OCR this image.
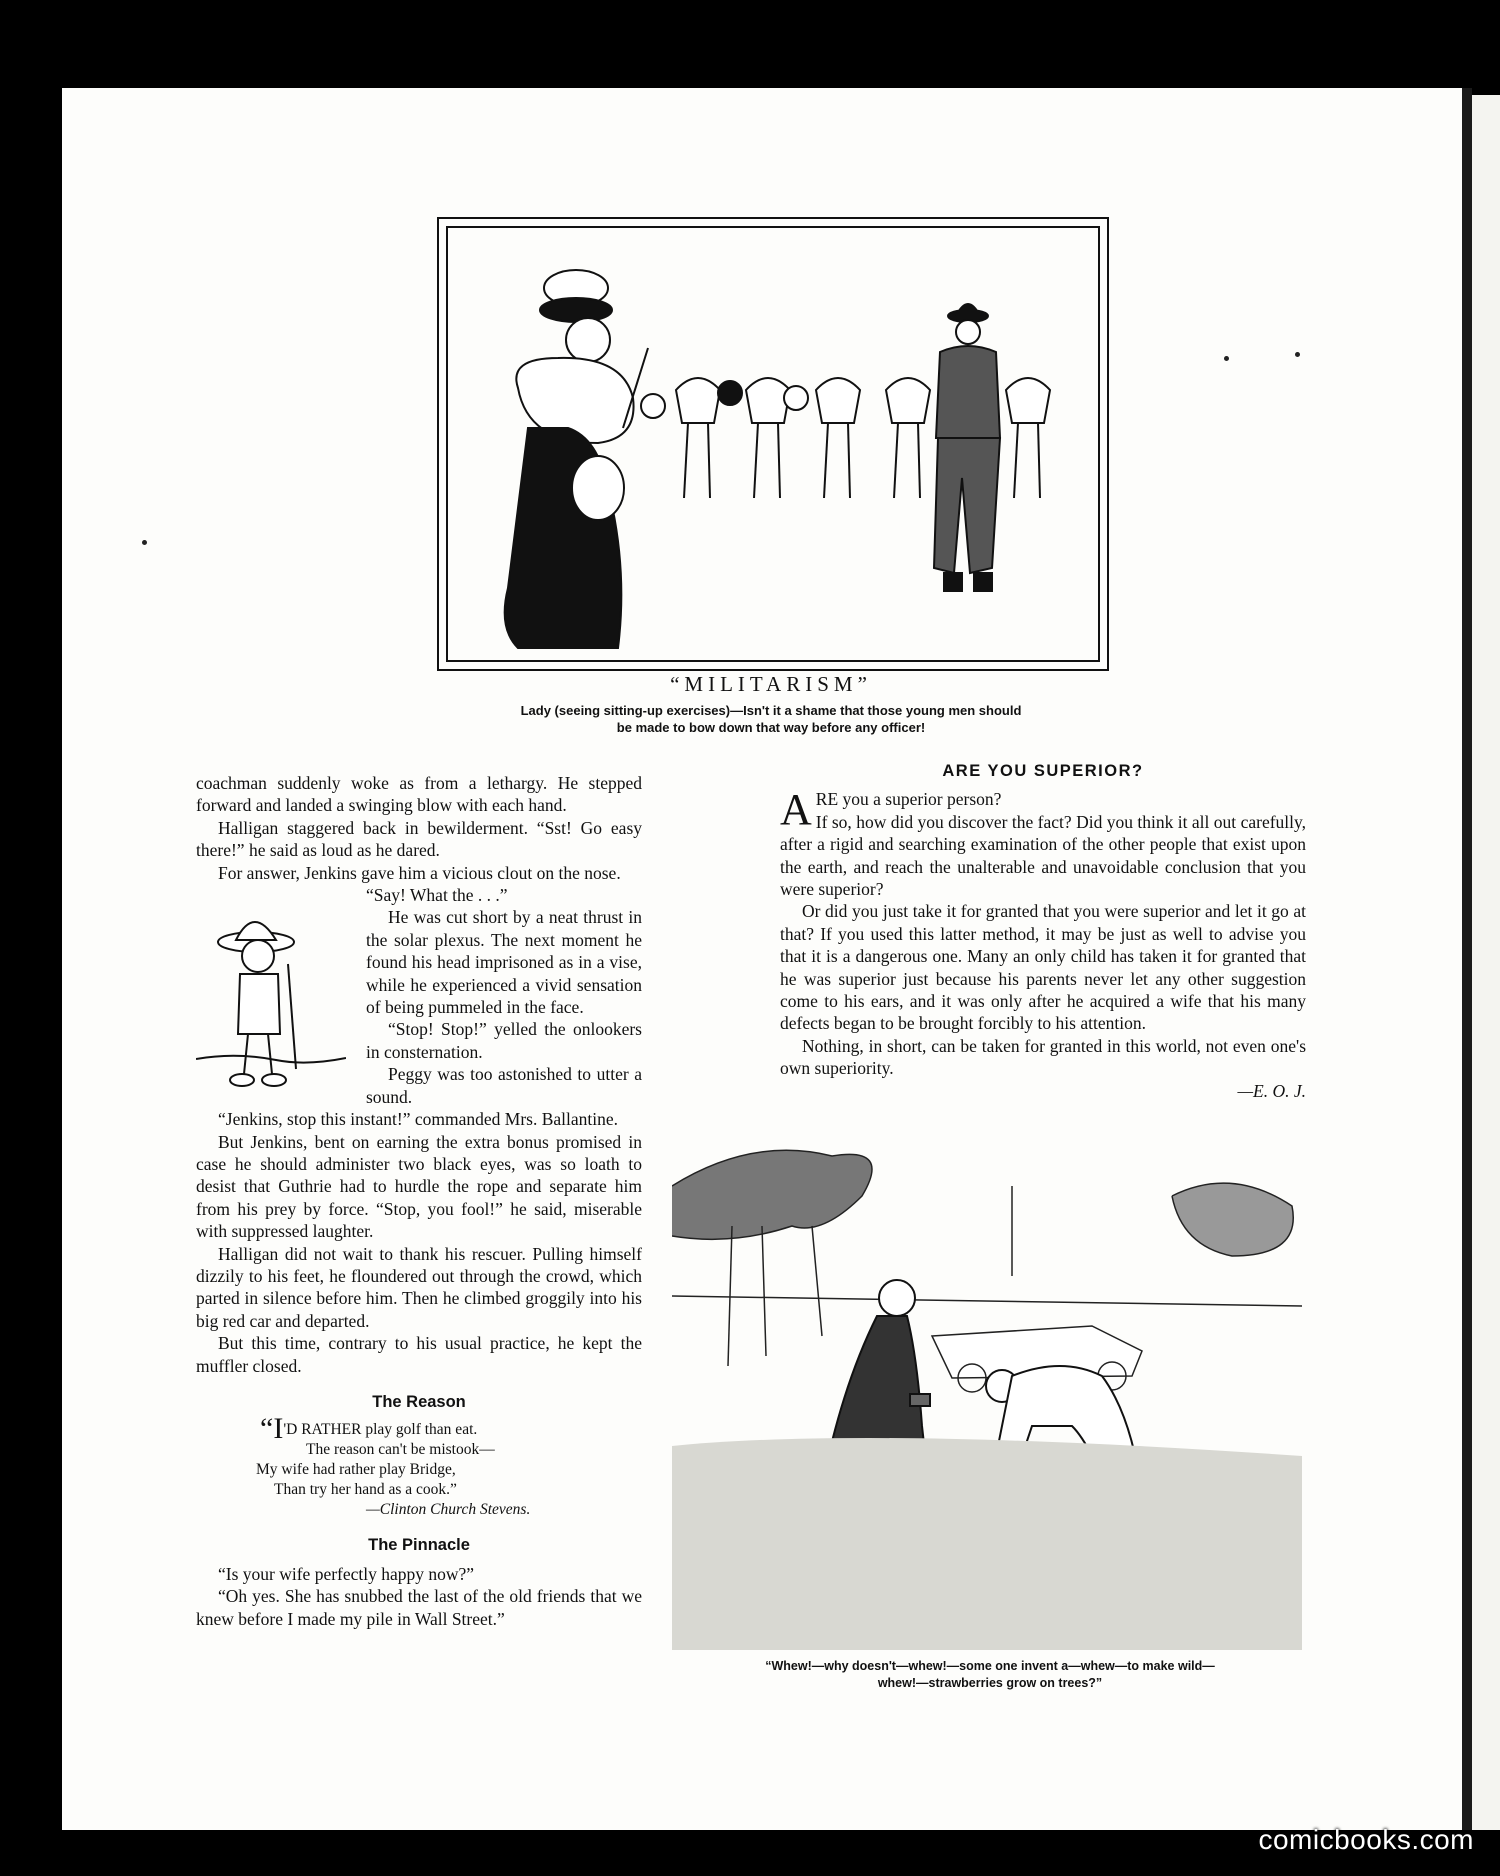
“MILITARISM”
Lady (seeing sitting-up exercises)—Isn't it a shame that those young men should
be made to bow down that way before any officer!

coachman suddenly woke as from a lethargy. He stepped forward and landed a swinging blow with each hand.

Halligan staggered back in bewilderment. “Sst! Go easy there!” he said as loud as he dared.

For answer, Jenkins gave him a vicious clout on the nose.

“Say! What the . . .”

He was cut short by a neat thrust in the solar plexus. The next moment he found his head imprisoned as in a vise, while he experienced a vivid sensation of being pummeled in the face.

“Stop! Stop!” yelled the onlookers in consternation.

Peggy was too astonished to utter a sound.

“Jenkins, stop this instant!” commanded Mrs. Ballantine.

But Jenkins, bent on earning the extra bonus promised in case he should administer two black eyes, was so loath to desist that Guthrie had to hurdle the rope and separate him from his prey by force. “Stop, you fool!” he said, miserable with suppressed laughter.

Halligan did not wait to thank his rescuer. Pulling himself dizzily to his feet, he floundered out through the crowd, which parted in silence before him. Then he climbed groggily into his big red car and departed.

But this time, contrary to his usual practice, he kept the muffler closed.

The Reason
“I'D RATHER play golf than eat.
The reason can't be mistook—
My wife had rather play Bridge,
Than try her hand as a cook.”
—Clinton Church Stevens.
The Pinnacle

“Is your wife perfectly happy now?”

“Oh yes. She has snubbed the last of the old friends that we knew before I made my pile in Wall Street.”

ARE YOU SUPERIOR?

ARE you a superior person?
If so, how did you discover the fact? Did you think it all out carefully, after a rigid and searching examination of the other people that exist upon the earth, and reach the unalterable and unavoidable conclusion that you were superior?

Or did you just take it for granted that you were superior and let it go at that? If you used this latter method, it may be just as well to advise you that it is a dangerous one. Many an only child has taken it for granted that he was superior just because his parents never let any other suggestion come to his ears, and it was only after he acquired a wife that his many defects began to be brought forcibly to his attention.

Nothing, in short, can be taken for granted in this world, not even one's own superiority.

—E. O. J.
“Whew!—why doesn't—whew!—some one invent a—whew—to make wild—
whew!—strawberries grow on trees?”
comicbooks.com
